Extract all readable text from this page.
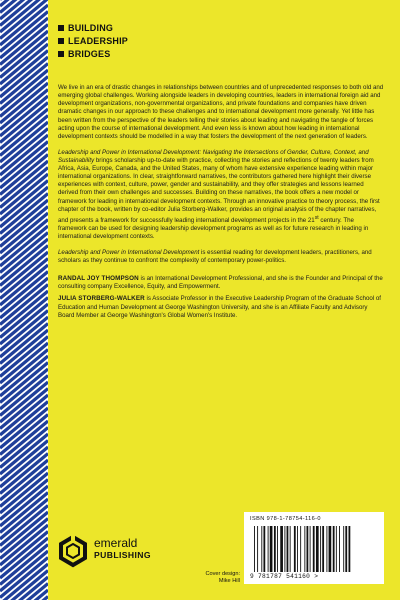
BUILDING
LEADERSHIP
BRIDGES

We live in an era of drastic changes in relationships between countries and of unprecedented responses to both old and emerging global challenges. Working alongside leaders in developing countries, leaders in international foreign aid and development organizations, non-governmental organizations, and private foundations and companies have driven dramatic changes in our approach to these challenges and to international development more generally. Yet little has been written from the perspective of the leaders telling their stories about leading and navigating the tangle of forces acting upon the course of international development. And even less is known about how leading in international development contexts should be modelled in a way that fosters the development of the next generation of leaders.

Leadership and Power in International Development: Navigating the Intersections of Gender, Culture, Context, and Sustainability brings scholarship up-to-date with practice, collecting the stories and reflections of twenty leaders from Africa, Asia, Europe, Canada, and the United States, many of whom have extensive experience leading within major international organizations. In clear, straightforward narratives, the contributors gathered here highlight their diverse experiences with context, culture, power, gender and sustainability, and they offer strategies and lessons learned derived from their own challenges and successes. Building on these narratives, the book offers a new model or framework for leading in international development contexts. Through an innovative practice to theory process, the first chapter of the book, written by co-editor Julia Storberg-Walker, provides an original analysis of the chapter narratives, and presents a framework for successfully leading international development projects in the 21st century. The framework can be used for designing leadership development programs as well as for future research in leading in international development contexts.

Leadership and Power in International Development is essential reading for development leaders, practitioners, and scholars as they continue to confront the complexity of contemporary power-politics.

RANDAL JOY THOMPSON is an International Development Professional, and she is the Founder and Principal of the consulting company Excellence, Equity, and Empowerment.

JULIA STORBERG-WALKER is Associate Professor in the Executive Leadership Program of the Graduate School of Education and Human Development at George Washington University, and she is an Affiliate Faculty and Advisory Board Member at George Washington's Global Women's Institute.

emerald
PUBLISHING
Cover design:
Mike Hill
ISBN 978-1-78754-116-0
9 781787 541160 >
